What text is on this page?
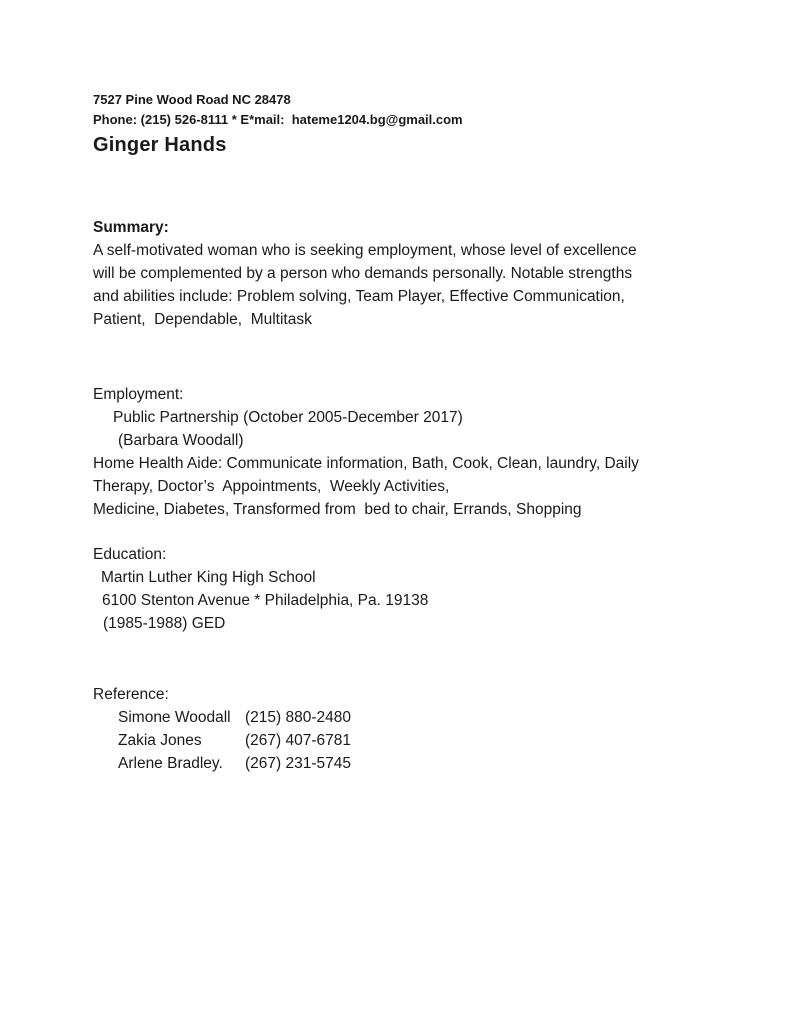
7527 Pine Wood Road NC 28478
Phone: (215) 526-8111 * E*mail:  hateme1204.bg@gmail.com
Ginger Hands
Summary:
A self-motivated woman who is seeking employment, whose level of excellence
will be complemented by a person who demands personally. Notable strengths
and abilities include: Problem solving, Team Player, Effective Communication,
Patient,  Dependable,  Multitask
Employment:
Public Partnership (October 2005-December 2017)
(Barbara Woodall)
Home Health Aide: Communicate information, Bath, Cook, Clean, laundry, Daily
Therapy, Doctor’s  Appointments,  Weekly Activities,
Medicine, Diabetes, Transformed from  bed to chair, Errands, Shopping
Education:
Martin Luther King High School
6100 Stenton Avenue * Philadelphia, Pa. 19138
(1985-1988) GED
Reference:
Simone Woodall (215) 880-2480
Zakia Jones	(267) 407-6781
Arlene Bradley.	(267) 231-5745
